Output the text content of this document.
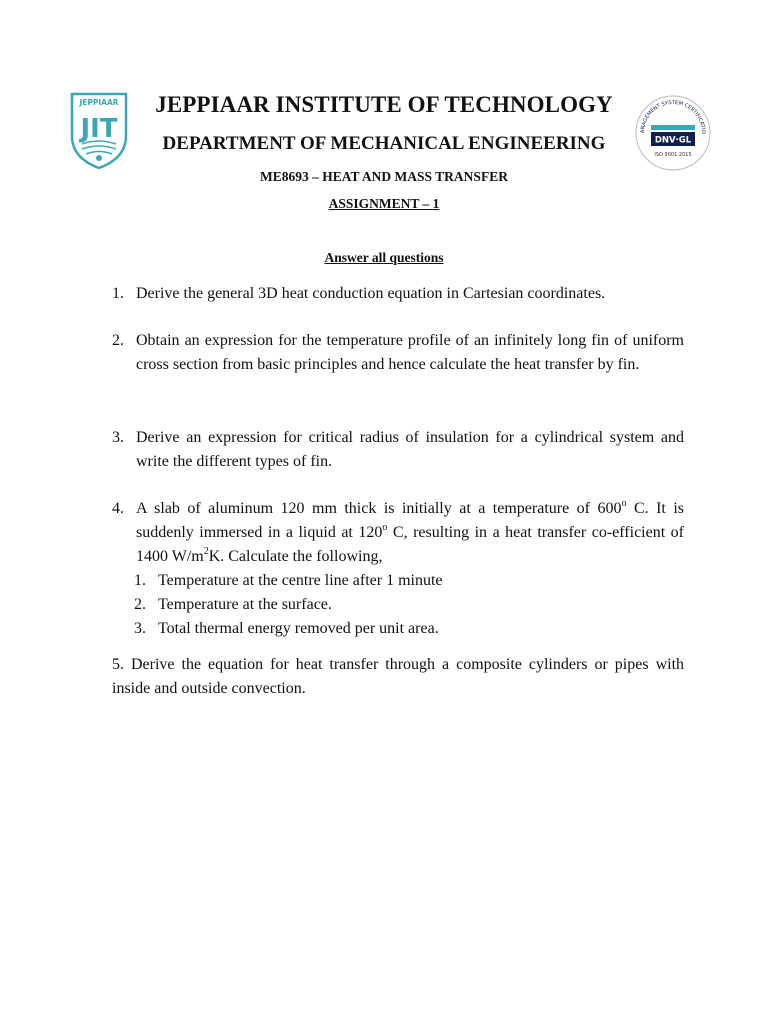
JEPPIAAR
JIT	ANAGEMENT SYSTEM CERTIFICATIO
DNV·GL
ISO 9001:2015
JEPPIAAR INSTITUTE OF TECHNOLOGY
DEPARTMENT OF MECHANICAL ENGINEERING
ME8693 – HEAT AND MASS TRANSFER
ASSIGNMENT – 1
Answer all questions
1. Derive the general 3D heat conduction equation in Cartesian coordinates.
2. Obtain an expression for the temperature profile of an infinitely long fin of uniform cross section from basic principles and hence calculate the heat transfer by fin.
3. Derive an expression for critical radius of insulation for a cylindrical system and write the different types of fin.
4. A slab of aluminum 120 mm thick is initially at a temperature of 600$^o$ C. It is suddenly immersed in a liquid at 120$^o$ C, resulting in a heat transfer co-efficient of 1400 $W/m^2K$. Calculate the following,
1. Temperature at the centre line after 1 minute
2. Temperature at the surface.
3. Total thermal energy removed per unit area.
5. Derive the equation for heat transfer through a composite cylinders or pipes with inside and outside convection.
